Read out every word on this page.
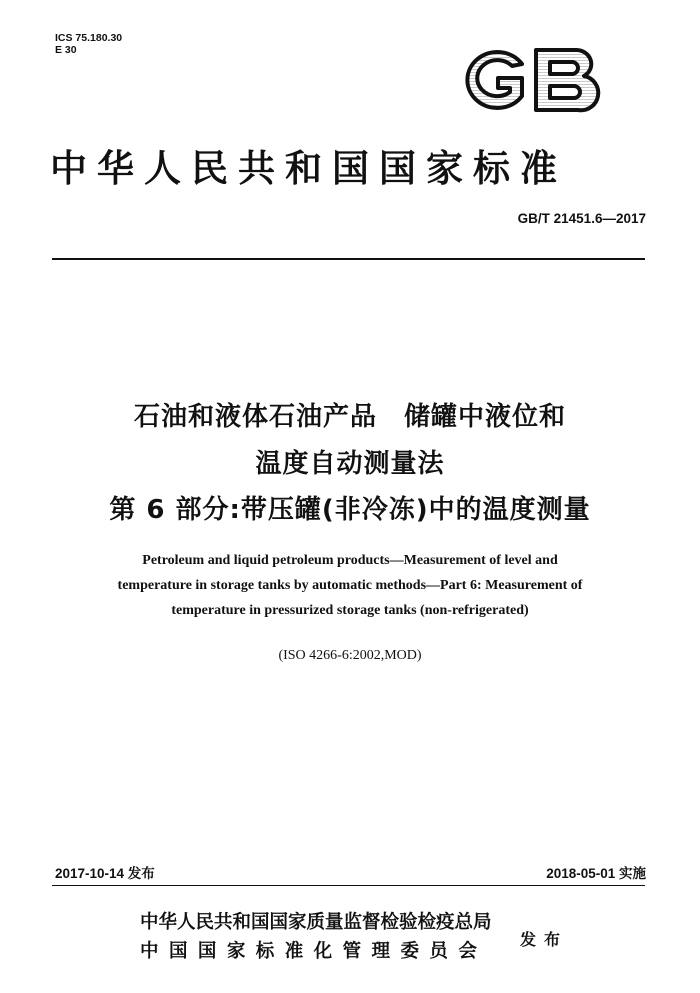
ICS 75.180.30
E 30
中华人民共和国国家标准
GB/T 21451.6—2017
石油和液体石油产品　储罐中液位和
温度自动测量法
第 6 部分:带压罐(非冷冻)中的温度测量
Petroleum and liquid petroleum products—Measurement of level and
temperature in storage tanks by automatic methods—Part 6: Measurement of
temperature in pressurized storage tanks (non-refrigerated)
(ISO 4266-6:2002,MOD)
2017-10-14 发布	2018-05-01 实施
中华人民共和国国家质量监督检验检疫总局
中 国 国 家 标 准 化 管 理 委 员 会
发布
